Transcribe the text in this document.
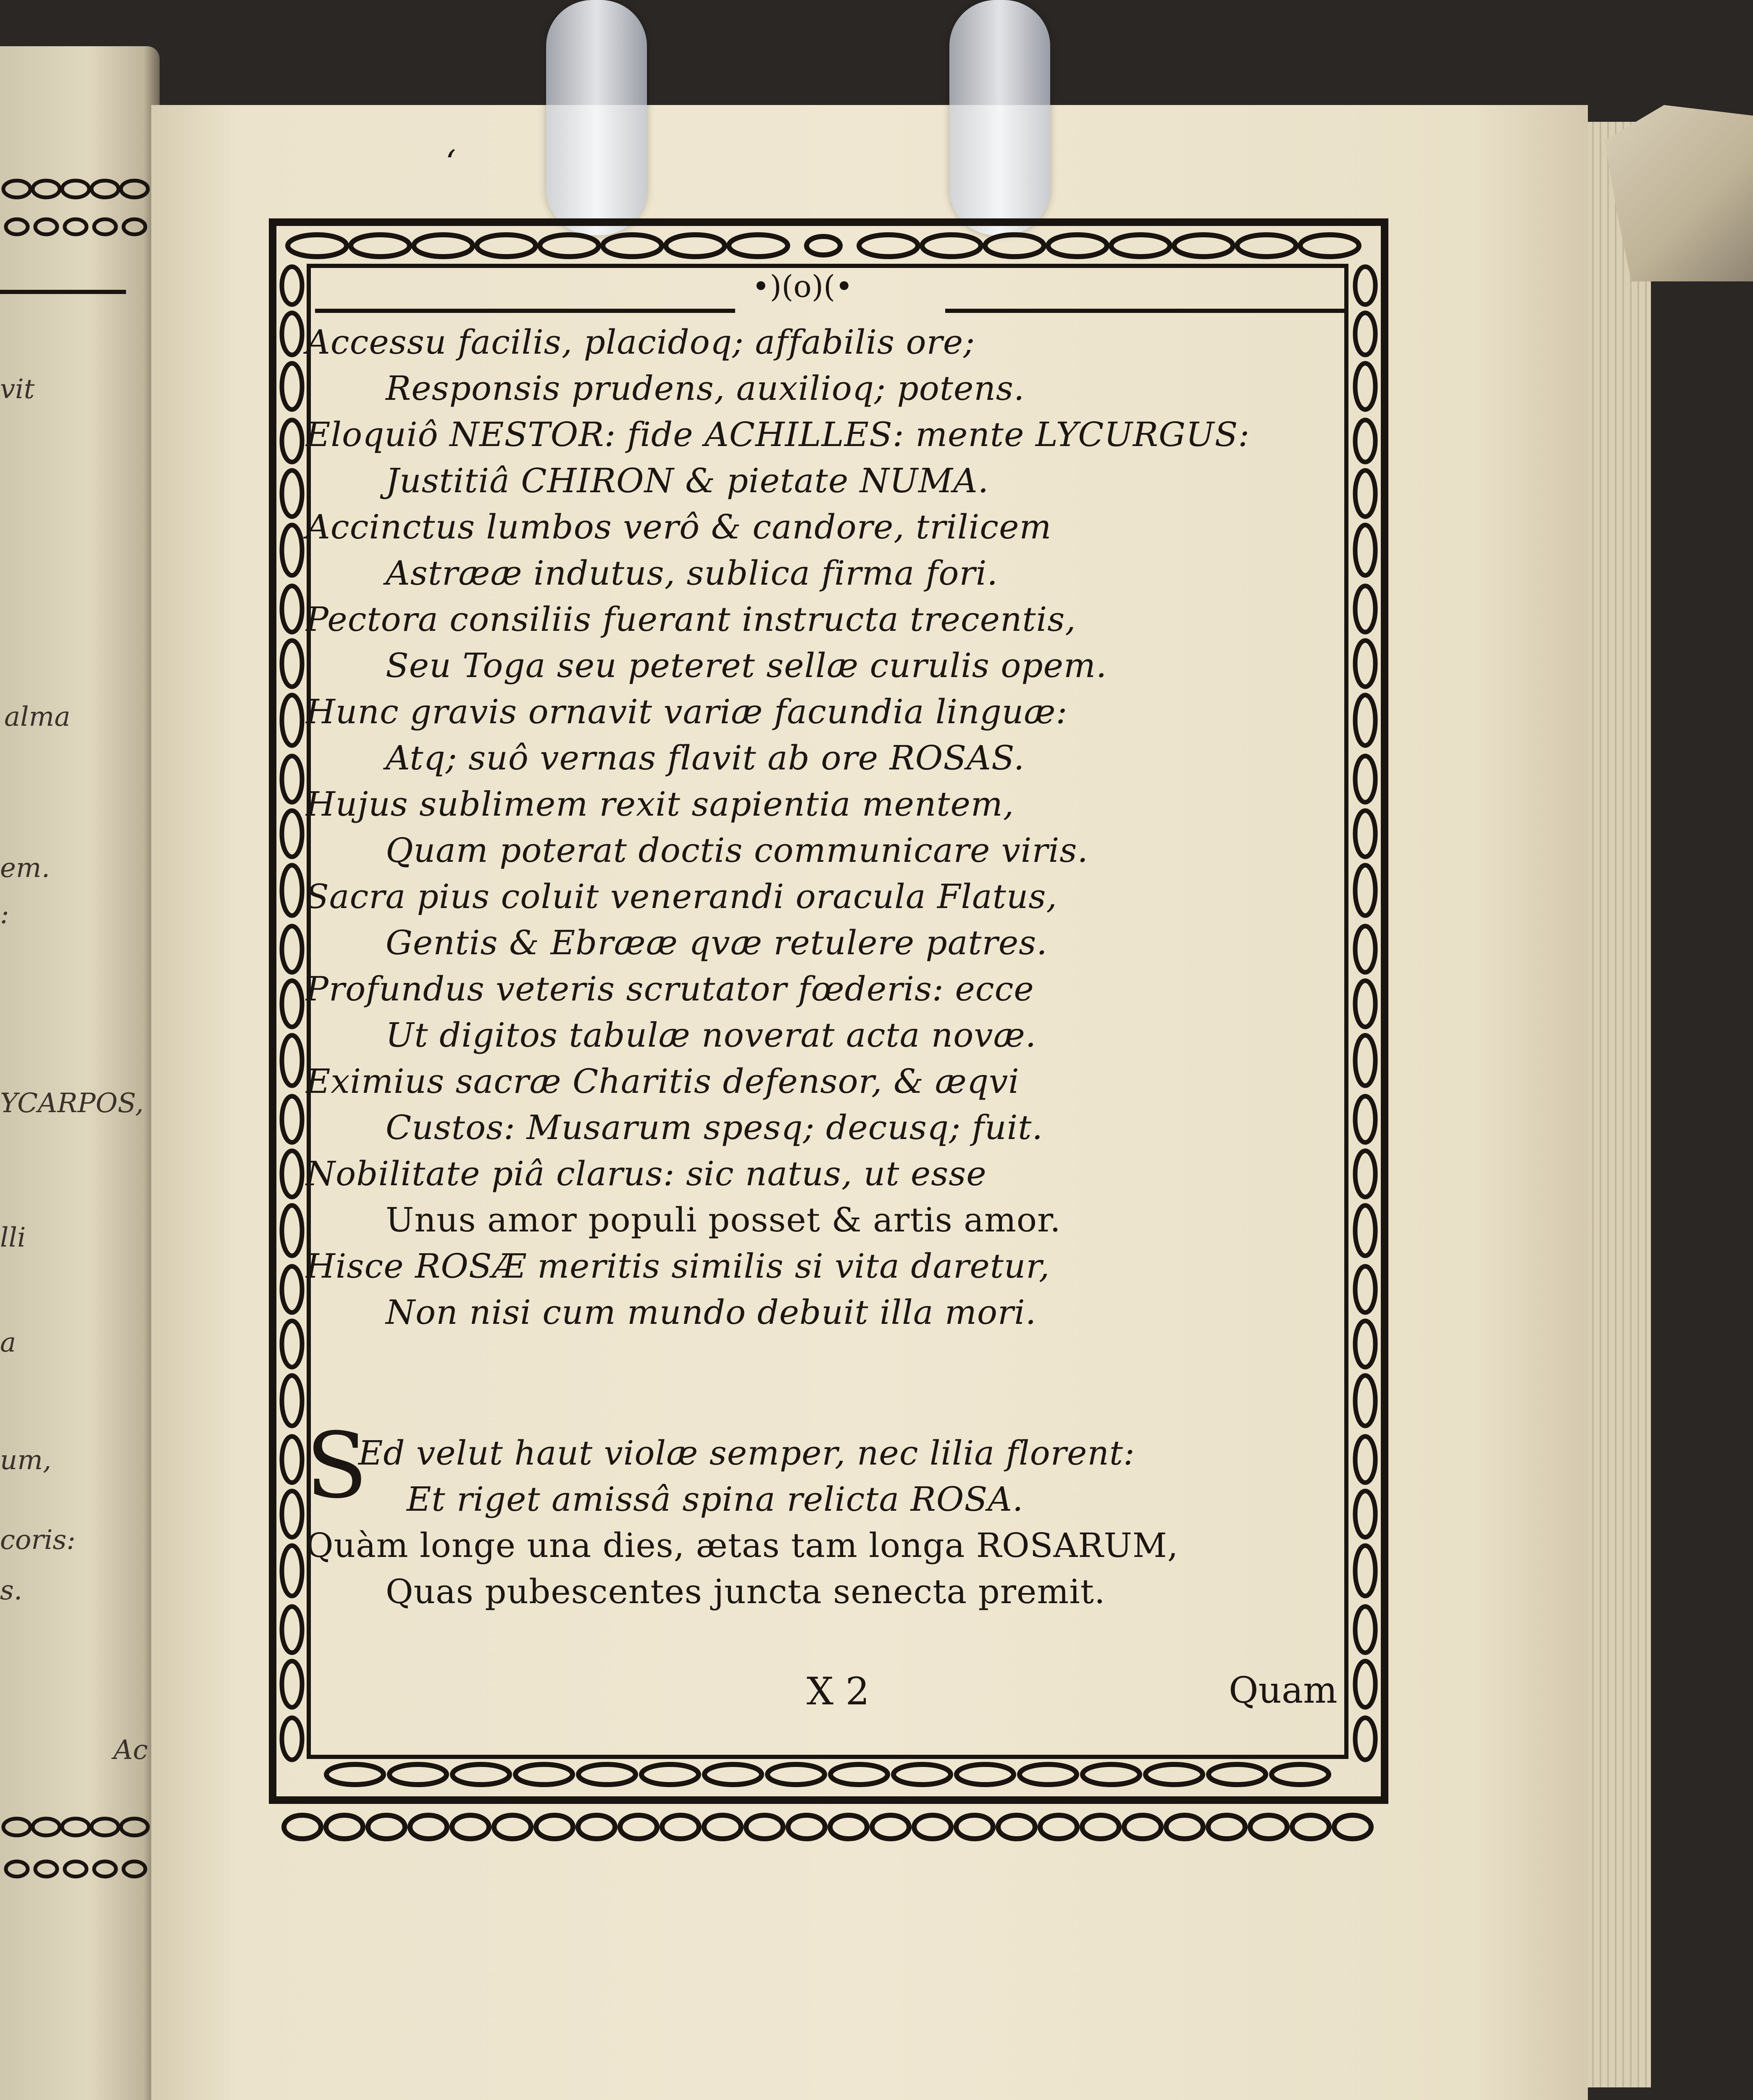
vit
alma
em.
:
YCARPOS,
lli
a
um,
coris:
s.
Ac
ʻ
•)(o)(•
Accessu facilis, placidoq; affabilis ore;
Responsis prudens, auxilioq; potens.
Eloquiô NESTOR: fide ACHILLES: mente LYCURGUS:
Justitiâ CHIRON & pietate NUMA.
Accinctus lumbos verô & candore, trilicem
Astrææ indutus, sublica firma fori.
Pectora consiliis fuerant instructa trecentis,
Seu Toga seu peteret sellæ curulis opem.
Hunc gravis ornavit variæ facundia linguæ:
Atq; suô vernas flavit ab ore ROSAS.
Hujus sublimem rexit sapientia mentem,
Quam poterat doctis communicare viris.
Sacra pius coluit venerandi oracula Flatus,
Gentis & Ebrææ qvæ retulere patres.
Profundus veteris scrutator fœderis: ecce
Ut digitos tabulæ noverat acta novæ.
Eximius sacræ Charitis defensor, & æqvi
Custos: Musarum spesq; decusq; fuit.
Nobilitate piâ clarus: sic natus, ut esse
Unus amor populi posset & artis amor.
Hisce ROSÆ meritis similis si vita daretur,
Non nisi cum mundo debuit illa mori.
S
Ed velut haut violæ semper, nec lilia florent:
Et riget amissâ spina relicta ROSA.
Quàm longe una dies, ætas tam longa ROSARUM,
Quas pubescentes juncta senecta premit.
X 2	Quam
